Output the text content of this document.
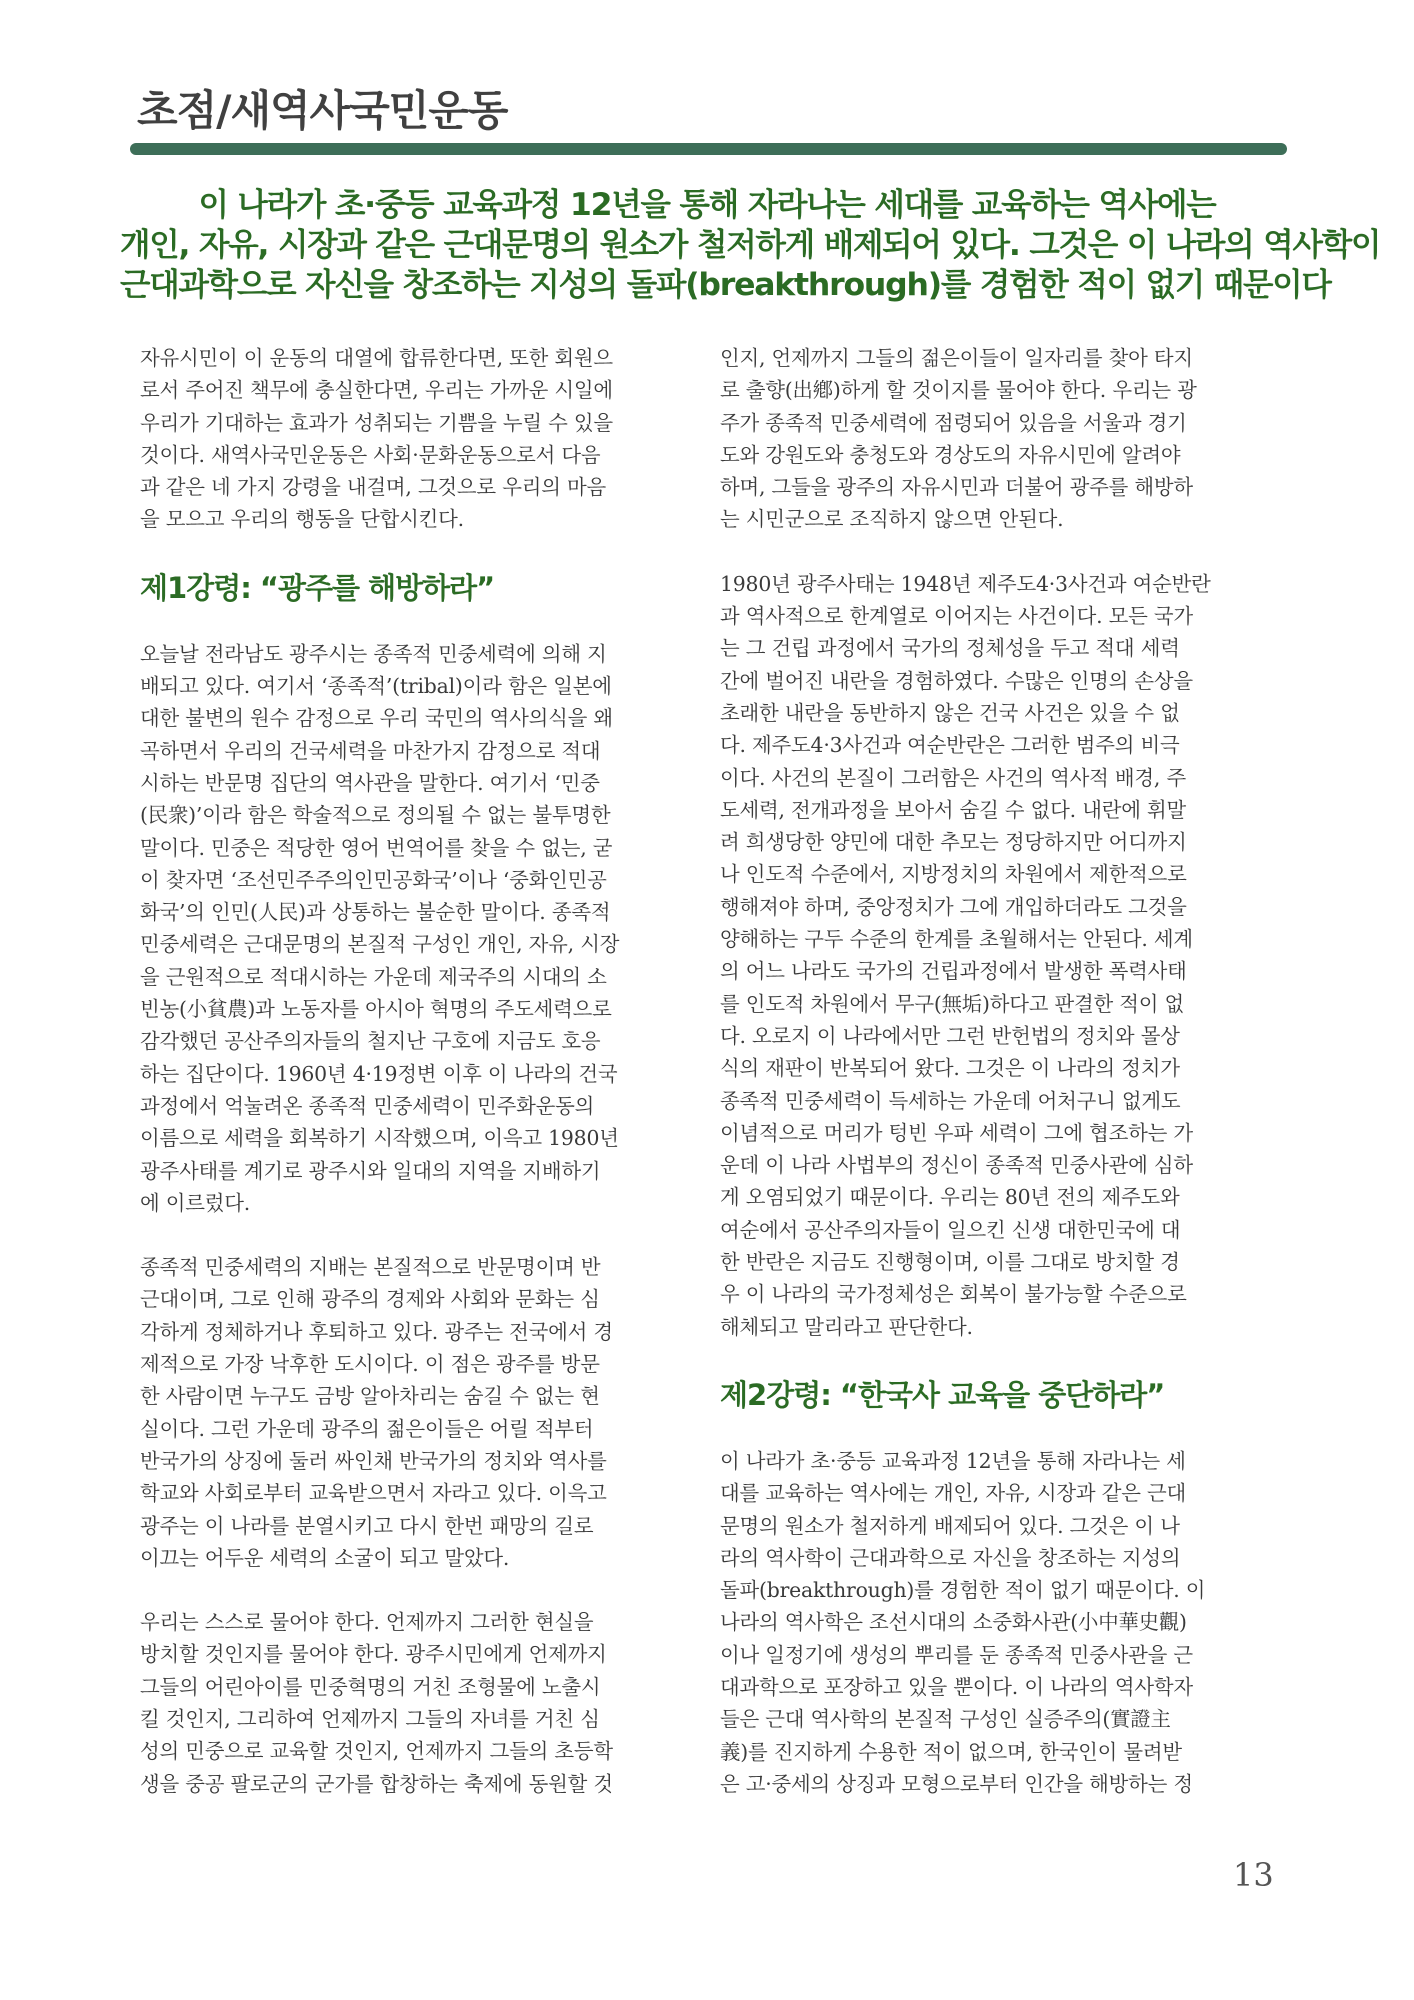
초점/새역사국민운동
이 나라가 초·중등 교육과정 12년을 통해 자라나는 세대를 교육하는 역사에는
개인, 자유, 시장과 같은 근대문명의 원소가 철저하게 배제되어 있다. 그것은 이 나라의 역사학이
근대과학으로 자신을 창조하는 지성의 돌파(breakthrough)를 경험한 적이 없기 때문이다

자유시민이 이 운동의 대열에 합류한다면, 또한 회원으
로서 주어진 책무에 충실한다면, 우리는 가까운 시일에
우리가 기대하는 효과가 성취되는 기쁨을 누릴 수 있을
것이다. 새역사국민운동은 사회·문화운동으로서 다음
과 같은 네 가지 강령을 내걸며, 그것으로 우리의 마음
을 모으고 우리의 행동을 단합시킨다.

제1강령: “광주를 해방하라”

오늘날 전라남도 광주시는 종족적 민중세력에 의해 지
배되고 있다. 여기서 ‘종족적’(tribal)이라 함은 일본에
대한 불변의 원수 감정으로 우리 국민의 역사의식을 왜
곡하면서 우리의 건국세력을 마찬가지 감정으로 적대
시하는 반문명 집단의 역사관을 말한다. 여기서 ‘민중
(民衆)’이라 함은 학술적으로 정의될 수 없는 불투명한
말이다. 민중은 적당한 영어 번역어를 찾을 수 없는, 굳
이 찾자면 ‘조선민주주의인민공화국’이나 ‘중화인민공
화국’의 인민(人民)과 상통하는 불순한 말이다. 종족적
민중세력은 근대문명의 본질적 구성인 개인, 자유, 시장
을 근원적으로 적대시하는 가운데 제국주의 시대의 소
빈농(小貧農)과 노동자를 아시아 혁명의 주도세력으로
감각했던 공산주의자들의 철지난 구호에 지금도 호응
하는 집단이다. 1960년 4·19정변 이후 이 나라의 건국
과정에서 억눌려온 종족적 민중세력이 민주화운동의
이름으로 세력을 회복하기 시작했으며, 이윽고 1980년
광주사태를 계기로 광주시와 일대의 지역을 지배하기
에 이르렀다.

종족적 민중세력의 지배는 본질적으로 반문명이며 반
근대이며, 그로 인해 광주의 경제와 사회와 문화는 심
각하게 정체하거나 후퇴하고 있다. 광주는 전국에서 경
제적으로 가장 낙후한 도시이다. 이 점은 광주를 방문
한 사람이면 누구도 금방 알아차리는 숨길 수 없는 현
실이다. 그런 가운데 광주의 젊은이들은 어릴 적부터
반국가의 상징에 둘러 싸인채 반국가의 정치와 역사를
학교와 사회로부터 교육받으면서 자라고 있다. 이윽고
광주는 이 나라를 분열시키고 다시 한번 패망의 길로
이끄는 어두운 세력의 소굴이 되고 말았다.

우리는 스스로 물어야 한다. 언제까지 그러한 현실을
방치할 것인지를 물어야 한다. 광주시민에게 언제까지
그들의 어린아이를 민중혁명의 거친 조형물에 노출시
킬 것인지, 그리하여 언제까지 그들의 자녀를 거친 심
성의 민중으로 교육할 것인지, 언제까지 그들의 초등학
생을 중공 팔로군의 군가를 합창하는 축제에 동원할 것

인지, 언제까지 그들의 젊은이들이 일자리를 찾아 타지
로 출향(出鄕)하게 할 것이지를 물어야 한다. 우리는 광
주가 종족적 민중세력에 점령되어 있음을 서울과 경기
도와 강원도와 충청도와 경상도의 자유시민에 알려야
하며, 그들을 광주의 자유시민과 더불어 광주를 해방하
는 시민군으로 조직하지 않으면 안된다.

1980년 광주사태는 1948년 제주도4·3사건과 여순반란
과 역사적으로 한계열로 이어지는 사건이다. 모든 국가
는 그 건립 과정에서 국가의 정체성을 두고 적대 세력
간에 벌어진 내란을 경험하였다. 수많은 인명의 손상을
초래한 내란을 동반하지 않은 건국 사건은 있을 수 없
다. 제주도4·3사건과 여순반란은 그러한 범주의 비극
이다. 사건의 본질이 그러함은 사건의 역사적 배경, 주
도세력, 전개과정을 보아서 숨길 수 없다. 내란에 휘말
려 희생당한 양민에 대한 추모는 정당하지만 어디까지
나 인도적 수준에서, 지방정치의 차원에서 제한적으로
행해져야 하며, 중앙정치가 그에 개입하더라도 그것을
양해하는 구두 수준의 한계를 초월해서는 안된다. 세계
의 어느 나라도 국가의 건립과정에서 발생한 폭력사태
를 인도적 차원에서 무구(無垢)하다고 판결한 적이 없
다. 오로지 이 나라에서만 그런 반헌법의 정치와 몰상
식의 재판이 반복되어 왔다. 그것은 이 나라의 정치가
종족적 민중세력이 득세하는 가운데 어처구니 없게도
이념적으로 머리가 텅빈 우파 세력이 그에 협조하는 가
운데 이 나라 사법부의 정신이 종족적 민중사관에 심하
게 오염되었기 때문이다. 우리는 80년 전의 제주도와
여순에서 공산주의자들이 일으킨 신생 대한민국에 대
한 반란은 지금도 진행형이며, 이를 그대로 방치할 경
우 이 나라의 국가정체성은 회복이 불가능할 수준으로
해체되고 말리라고 판단한다.

제2강령: “한국사 교육을 중단하라”

이 나라가 초·중등 교육과정 12년을 통해 자라나는 세
대를 교육하는 역사에는 개인, 자유, 시장과 같은 근대
문명의 원소가 철저하게 배제되어 있다. 그것은 이 나
라의 역사학이 근대과학으로 자신을 창조하는 지성의
돌파(breakthrough)를 경험한 적이 없기 때문이다. 이
나라의 역사학은 조선시대의 소중화사관(小中華史觀)
이나 일정기에 생성의 뿌리를 둔 종족적 민중사관을 근
대과학으로 포장하고 있을 뿐이다. 이 나라의 역사학자
들은 근대 역사학의 본질적 구성인 실증주의(實證主
義)를 진지하게 수용한 적이 없으며, 한국인이 물려받
은 고·중세의 상징과 모형으로부터 인간을 해방하는 정

13
